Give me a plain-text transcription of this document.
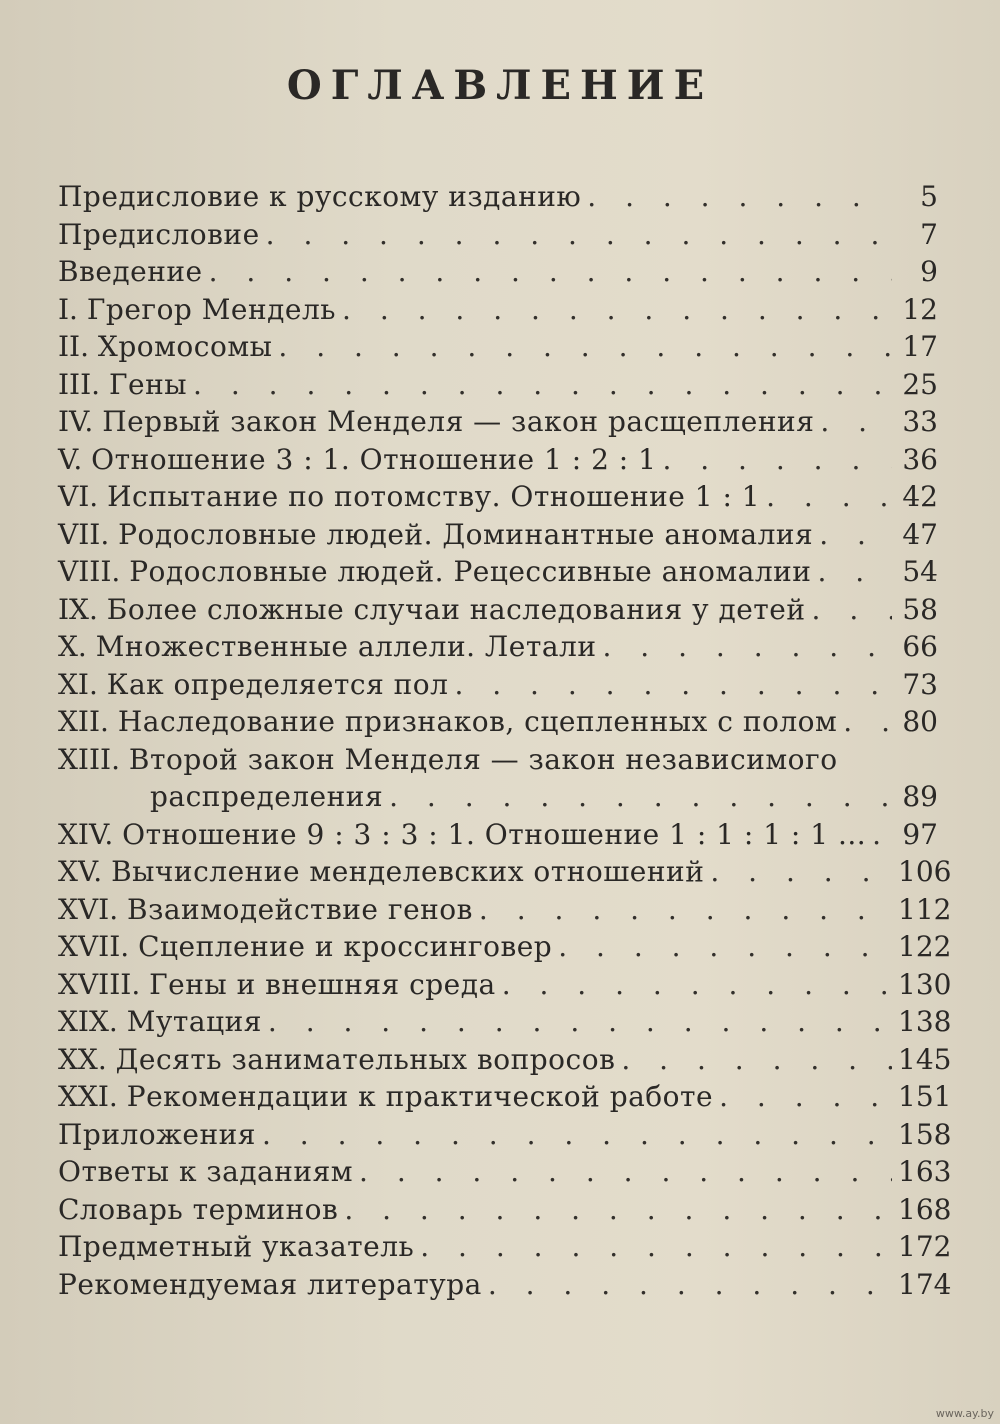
ОГЛАВЛЕНИЕ
Предисловие к русскому изданию . . .	5
Предисловие . . .	7
Введение . . .	9
I. Грегор Мендель . . .	12
II. Хромосомы . . .	17
III. Гены . . .	25
IV. Первый закон Менделя — закон расщепления . . .	33
V. Отношение 3 : 1. Отношение 1 : 2 : 1 . . .	36
VI. Испытание по потомству. Отношение 1 : 1 . . .	42
VII. Родословные людей. Доминантные аномалия . . .	47
VIII. Родословные людей. Рецессивные аномалии . . .	54
IX. Более сложные случаи наследования у детей . . .	58
X. Множественные аллели. Летали . . .	66
XI. Как определяется пол . . .	73
XII. Наследование признаков, сцепленных с полом . . . 80
XIII. Второй закон Менделя — закон независимого
распределения . . .	89
XIV. Отношение 9 : 3 : 3 : 1. Отношение 1 : 1 : 1 : 1 ... . . . 97
XV. Вычисление менделевских отношений . . .	106
XVI. Взаимодействие генов . . .	112
XVII. Сцепление и кроссинговер . . .	122
XVIII. Гены и внешняя среда . . .	130
XIX. Мутация . . .	138
XX. Десять занимательных вопросов . . .	145
XXI. Рекомендации к практической работе . . .	151
Приложения . . .	158
Ответы к заданиям . . .	163
Словарь терминов . . .	168
Предметный указатель . . .	172
Рекомендуемая литература . . .	174
www.ay.by
